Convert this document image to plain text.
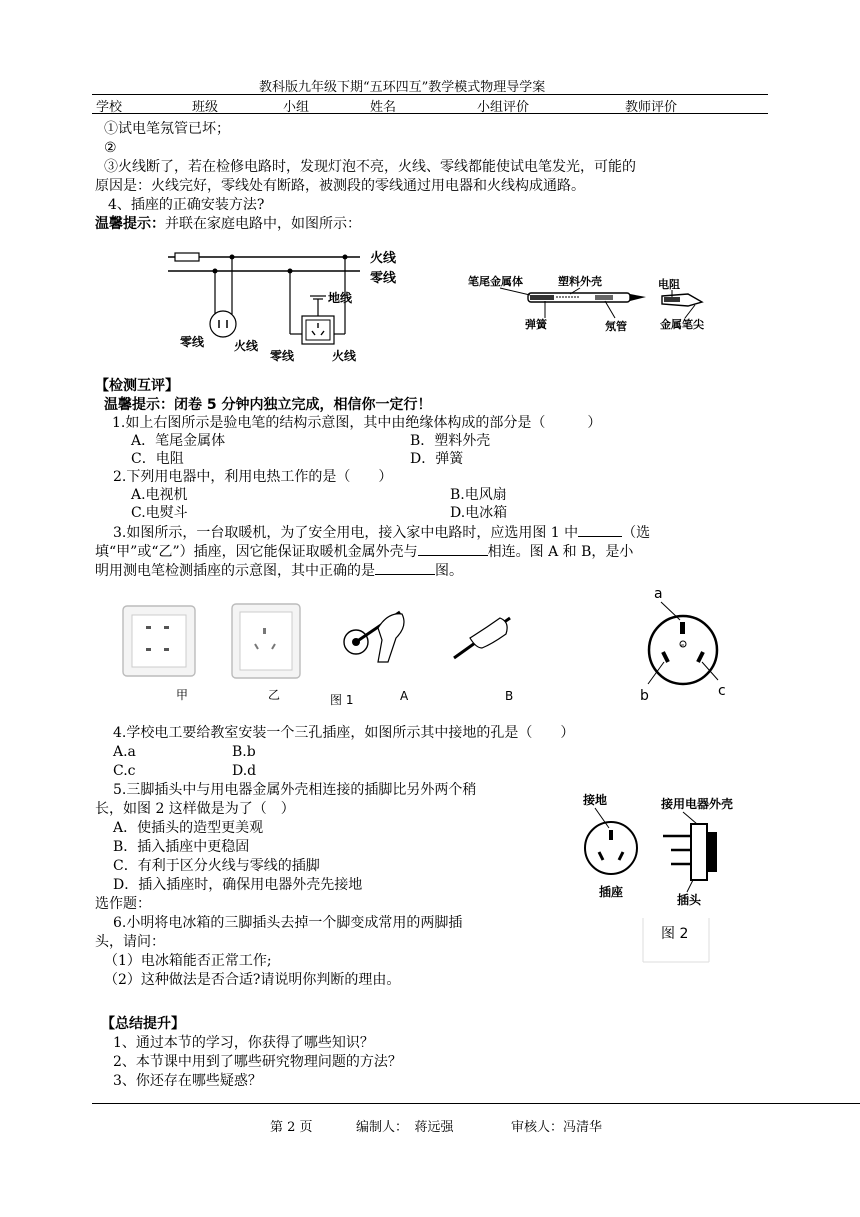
教科版九年级下期“五环四互”教学模式物理导学案
学校	班级	小组	姓名	小组评价	教师评价
①试电笔氖管已坏；
②
③火线断了，若在检修电路时，发现灯泡不亮，火线、零线都能使试电笔发光，可能的
原因是：火线完好，零线处有断路，被测段的零线通过用电器和火线构成通路。
4、插座的正确安装方法?
温馨提示：并联在家庭电路中，如图所示：
火线
零线
地线
零线 火线
零线	火线
笔尾金属体	塑料外壳	电阻
弹簧	氖管	金属笔尖
【检测互评】
温馨提示：闭卷 5 分钟内独立完成，相信你一定行！
1.如上右图所示是验电笔的结构示意图，其中由绝缘体构成的部分是（　　　）
A．笔尾金属体	B．塑料外壳
C．电阻	D．弹簧
2.下列用电器中，利用电热工作的是（　　）
A.电视机	B.电风扇
C.电熨斗	D.电冰箱
3.如图所示，一台取暖机，为了安全用电，接入家中电路时，应选用图 1 中	（选
填“甲”或“乙”）插座，因它能保证取暖机金属外壳与	相连。图 A 和 B，是小
明用测电笔检测插座的示意图，其中正确的是	图。
甲	乙	图 1	A	B
a
e
b	c
4.学校电工要给教室安装一个三孔插座，如图所示其中接地的孔是（　　）
A.a	B.b
C.c	D.d
5.三脚插头中与用电器金属外壳相连接的插脚比另外两个稍
长，如图 2 这样做是为了（　）
A．使插头的造型更美观
B．插入插座中更稳固
C．有利于区分火线与零线的插脚
D．插入插座时，确保用电器外壳先接地
接地	接用电器外壳
插座
插头
图 2
选作题：
6.小明将电冰箱的三脚插头去掉一个脚变成常用的两脚插
头，请问：
（1）电冰箱能否正常工作;
（2）这种做法是否合适?请说明你判断的理由。
【总结提升】
1、通过本节的学习，你获得了哪些知识？
2、本节课中用到了哪些研究物理问题的方法？
3、你还存在哪些疑惑？
第 2 页	编制人：　蒋远强	审核人：冯清华
